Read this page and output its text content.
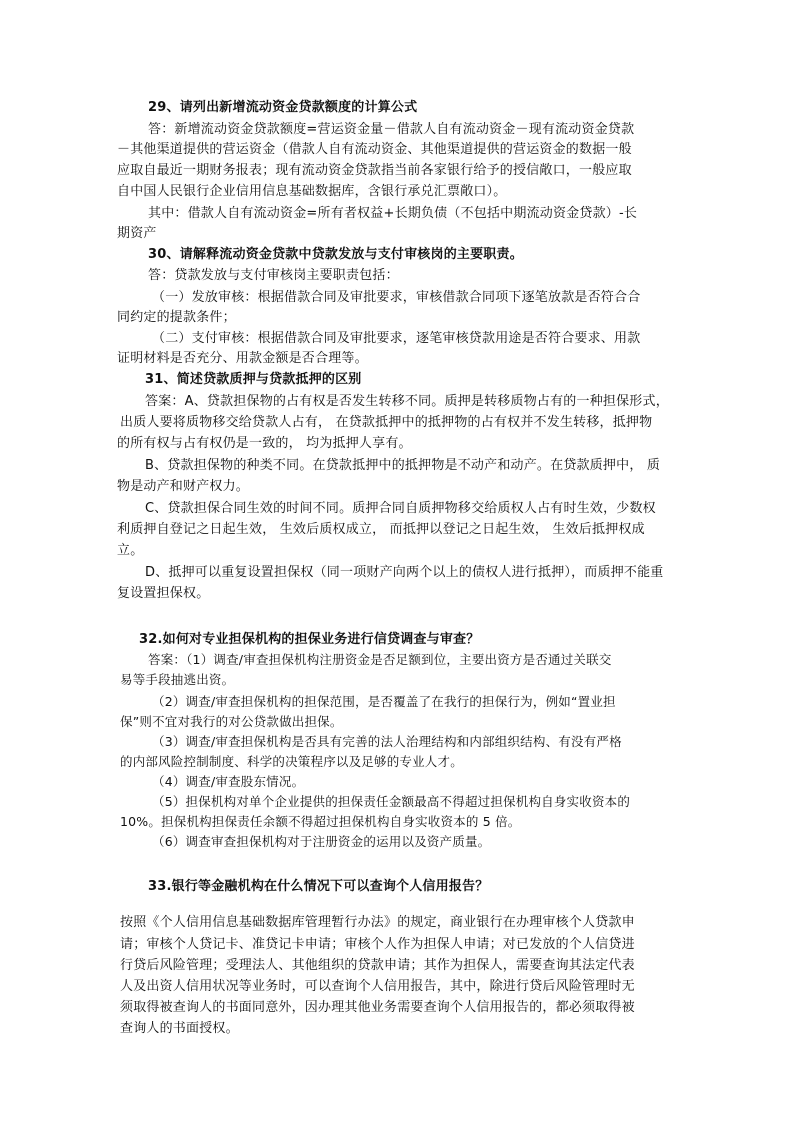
29、请列出新增流动资金贷款额度的计算公式
答：新增流动资金贷款额度=营运资金量－借款人自有流动资金－现有流动资金贷款
－其他渠道提供的营运资金（借款人自有流动资金、其他渠道提供的营运资金的数据一般
应取自最近一期财务报表；现有流动资金贷款指当前各家银行给予的授信敞口，一般应取
自中国人民银行企业信用信息基础数据库，含银行承兑汇票敞口）。
其中：借款人自有流动资金=所有者权益+长期负债（不包括中期流动资金贷款）-长
期资产
30、请解释流动资金贷款中贷款发放与支付审核岗的主要职责。
答：贷款发放与支付审核岗主要职责包括：
（一）发放审核：根据借款合同及审批要求，审核借款合同项下逐笔放款是否符合合
同约定的提款条件；
（二）支付审核：根据借款合同及审批要求，逐笔审核贷款用途是否符合要求、用款
证明材料是否充分、用款金额是否合理等。
31、简述贷款质押与贷款抵押的区别
答案：A、贷款担保物的占有权是否发生转移不同。质押是转移质物占有的一种担保形式，
出质人要将质物移交给贷款人占有， 在贷款抵押中的抵押物的占有权并不发生转移，抵押物
的所有权与占有权仍是一致的， 均为抵押人享有。
B、贷款担保物的种类不同。在贷款抵押中的抵押物是不动产和动产。在贷款质押中， 质
物是动产和财产权力。
C、贷款担保合同生效的时间不同。质押合同自质押物移交给质权人占有时生效，少数权
利质押自登记之日起生效， 生效后质权成立， 而抵押以登记之日起生效， 生效后抵押权成
立。
D、抵押可以重复设置担保权（同一项财产向两个以上的债权人进行抵押），而质押不能重
复设置担保权。
32.如何对专业担保机构的担保业务进行信贷调查与审查？
答案：（1）调查/审查担保机构注册资金是否足额到位，主要出资方是否通过关联交
易等手段抽逃出资。
（2）调查/审查担保机构的担保范围，是否覆盖了在我行的担保行为，例如“置业担
保”则不宜对我行的对公贷款做出担保。
（3）调查/审查担保机构是否具有完善的法人治理结构和内部组织结构、有没有严格
的内部风险控制制度、科学的决策程序以及足够的专业人才。
（4）调查/审查股东情况。
（5）担保机构对单个企业提供的担保责任金额最高不得超过担保机构自身实收资本的
10%。担保机构担保责任余额不得超过担保机构自身实收资本的 5 倍。
（6）调查审查担保机构对于注册资金的运用以及资产质量。
33.银行等金融机构在什么情况下可以查询个人信用报告？
按照《个人信用信息基础数据库管理暂行办法》的规定，商业银行在办理审核个人贷款申
请；审核个人贷记卡、准贷记卡申请；审核个人作为担保人申请；对已发放的个人信贷进
行贷后风险管理；受理法人、其他组织的贷款申请；其作为担保人，需要查询其法定代表
人及出资人信用状况等业务时，可以查询个人信用报告，其中，除进行贷后风险管理时无
须取得被查询人的书面同意外，因办理其他业务需要查询个人信用报告的，都必须取得被
查询人的书面授权。
